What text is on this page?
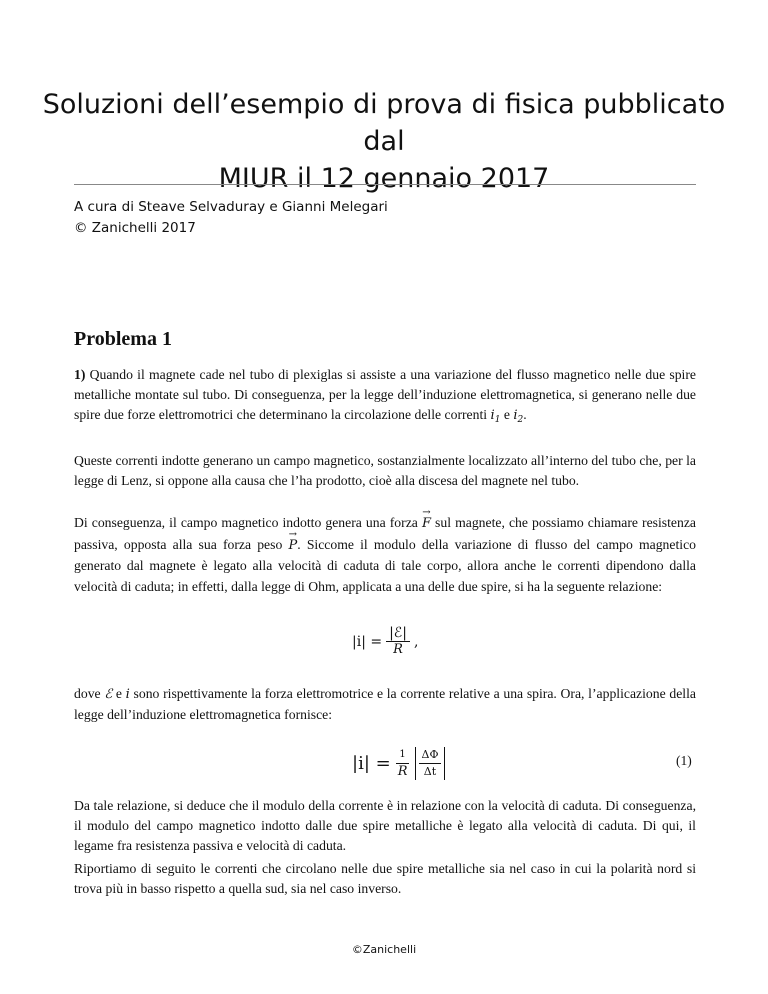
Soluzioni dell’esempio di prova di fisica pubblicato dal
MIUR il 12 gennaio 2017
A cura di Steave Selvaduray e Gianni Melegari
© Zanichelli 2017
Problema 1
1) Quando il magnete cade nel tubo di plexiglas si assiste a una variazione del flusso magnetico nelle due spire metalliche montate sul tubo. Di conseguenza, per la legge dell’induzione elettromagnetica, si generano nelle due spire due forze elettromotrici che determinano la circolazione delle correnti $i_1$ e $i_2$.
Queste correnti indotte generano un campo magnetico, sostanzialmente localizzato all’interno del tubo che, per la legge di Lenz, si oppone alla causa che l’ha prodotto, cioè alla discesa del magnete nel tubo.
Di conseguenza, il campo magnetico indotto genera una forza → F sul magnete, che possiamo chiamare resistenza passiva, opposta alla sua forza peso → P. Siccome il modulo della variazione di flusso del campo magnetico generato dal magnete è legato alla velocità di caduta di tale corpo, allora anche le correnti dipendono dalla velocità di caduta; in effetti, dalla legge di Ohm, applicata a una delle due spire, si ha la seguente relazione:
$|i| = \frac{\text{|ℰ|}}{R}$ ,
dove ℰ e i sono rispettivamente la forza elettromotrice e la corrente relative a una spira. Ora, l’applicazione della legge dell’induzione elettromagnetica fornisce:
$|i| = \frac{1}{R} \frac{\Delta\Phi}{\Delta t}$	(1)
Da tale relazione, si deduce che il modulo della corrente è in relazione con la velocità di caduta. Di conseguenza, il modulo del campo magnetico indotto dalle due spire metalliche è legato alla velocità di caduta. Di qui, il legame fra resistenza passiva e velocità di caduta.
Riportiamo di seguito le correnti che circolano nelle due spire metalliche sia nel caso in cui la polarità nord si trova più in basso rispetto a quella sud, sia nel caso inverso.
©Zanichelli
